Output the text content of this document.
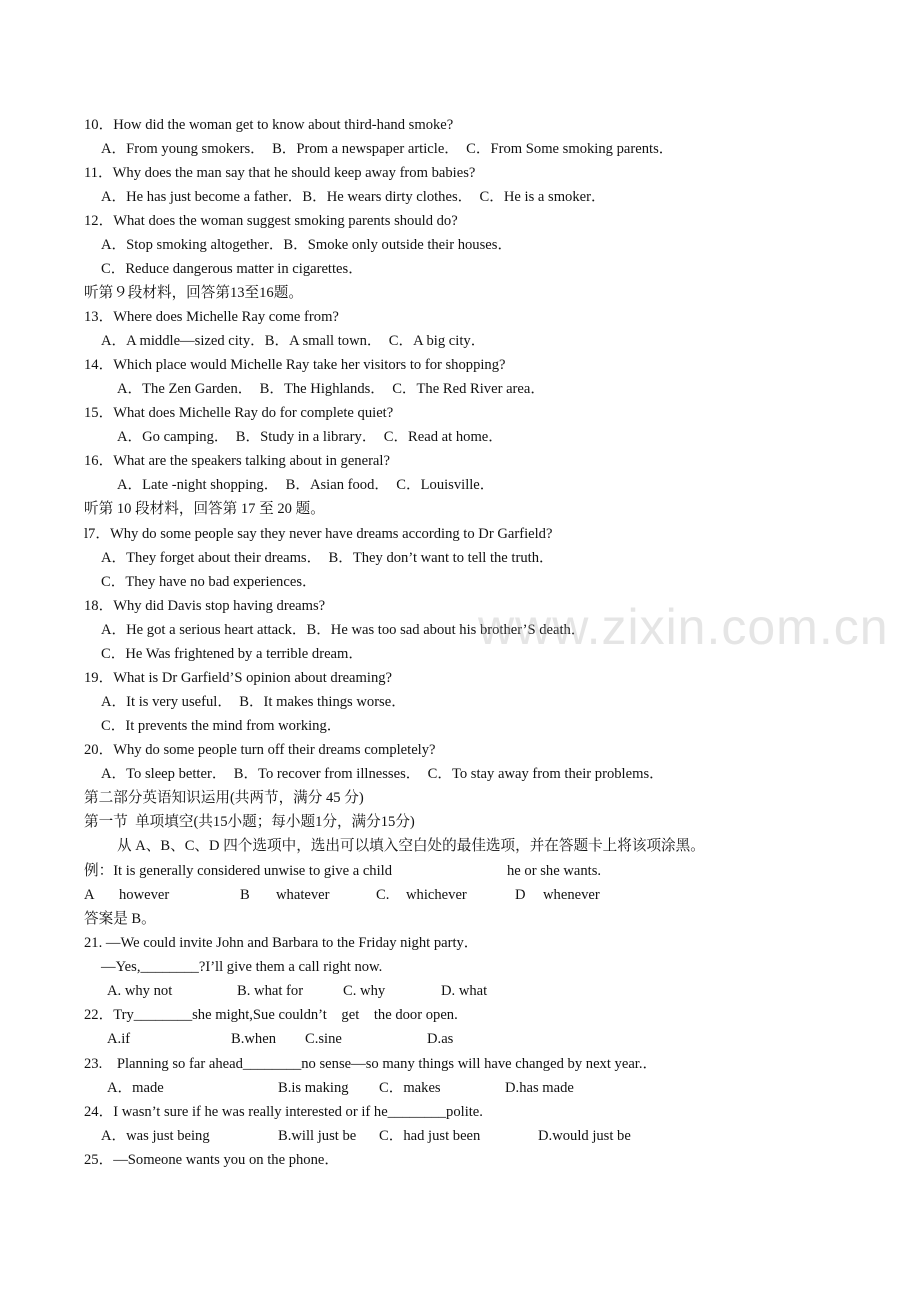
10．How did the woman get to know about third-hand smoke?
A．From young smokers．　B．Prom a newspaper article．　C．From Some smoking parents．
11．Why does the man say that he should keep away from babies?
A．He has just become a father．B．He wears dirty clothes．　C．He is a smoker．
12．What does the woman suggest smoking parents should do?
A．Stop smoking altogether．B．Smoke only outside their houses．
C．Reduce dangerous matter in cigarettes．
听第９段材料，回答第13至16题。
13．Where does Michelle Ray come from?
A．A middle—sized city．B．A small town．　C．A big city．
14．Which place would Michelle Ray take her visitors to for shopping?
A．The Zen Garden．　B．The Highlands．　C．The Red River area．
15．What does Michelle Ray do for complete quiet?
A．Go camping．　B．Study in a library．　C．Read at home．
16．What are the speakers talking about in general?
A．Late -night shopping．　B．Asian food．　C．Louisville．
听第 10 段材料，回答第 17 至 20 题。
l7．Why do some people say they never have dreams according to Dr Garfield?
A．They forget about their dreams．　B．They don’t want to tell the truth．
C．They have no bad experiences．
18．Why did Davis stop having dreams?
A．He got a serious heart attack．B．He was too sad about his brother’S death．
C．He Was frightened by a terrible dream．
19．What is Dr Garfield’S opinion about dreaming?
A．It is very useful．　B．It makes things worse．
C．It prevents the mind from working．
20．Why do some people turn off their dreams completely?
A．To sleep better．　B．To recover from illnesses．　C．To stay away from their problems．
第二部分英语知识运用(共两节，满分 45 分)
第一节  单项填空(共15小题；每小题1分，满分15分)
从 A、B、C、D 四个选项中，选出可以填入空白处的最佳选项，并在答题卡上将该项涂黑。
例：It is generally considered unwise to give a child	he or she wants.
A however	B whatever	C. whichever	D whenever
答案是 B。
21. —We could invite John and Barbara to the Friday night party．
—Yes,________?I’ll give them a call right now.
A. why not	B. what for	C. why	D. what
22．Try________she might,Sue couldn’t    get    the door open.
A.if	B.when C.sine	D.as
23.    Planning so far ahead________no sense—so many things will have changed by next year.．
A．made	B.is making C．makes	D.has made
24．I wasn’t sure if he was really interested or if he________polite.
A．was just being	B.will just be C．had just been	D.would just be
25．—Someone wants you on the phone．
www.zixin.com.cn
